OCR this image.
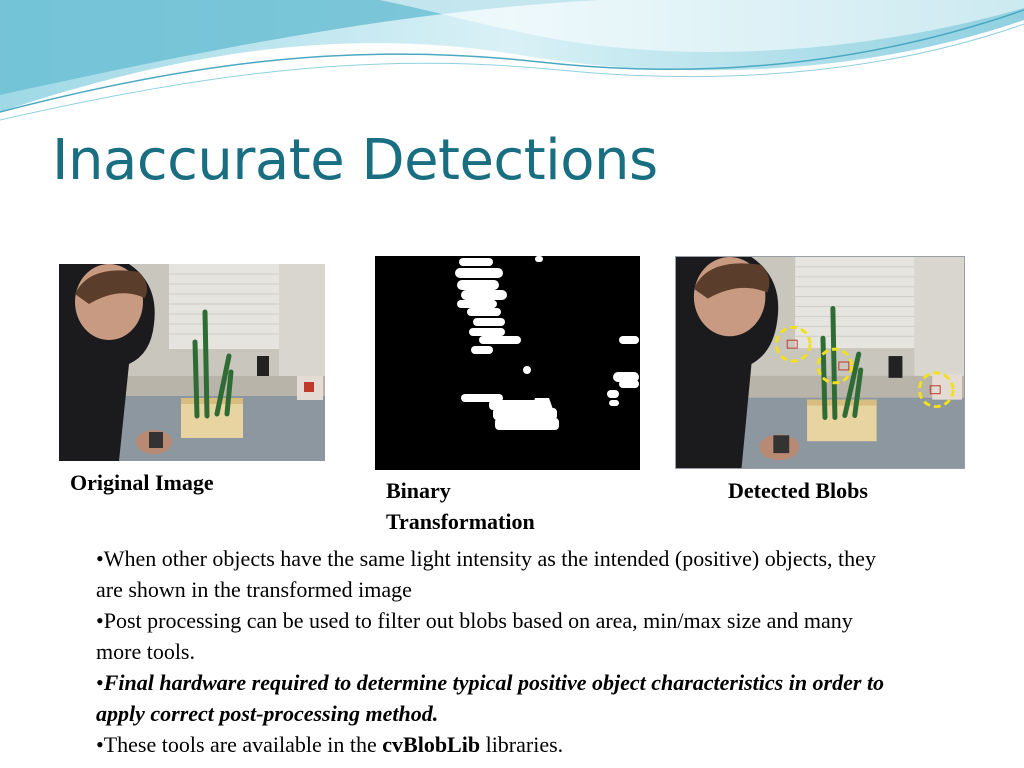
Inaccurate Detections
Original Image	Binary Transformation
Detected Blobs

•When other objects have the same light intensity as the intended (positive) objects, they are shown in the transformed image

•Post processing can be used to filter out blobs based on area, min/max size and many more tools.

•Final hardware required to determine typical positive object characteristics in order to apply correct post-processing method.

•These tools are available in the cvBlobLib libraries.
